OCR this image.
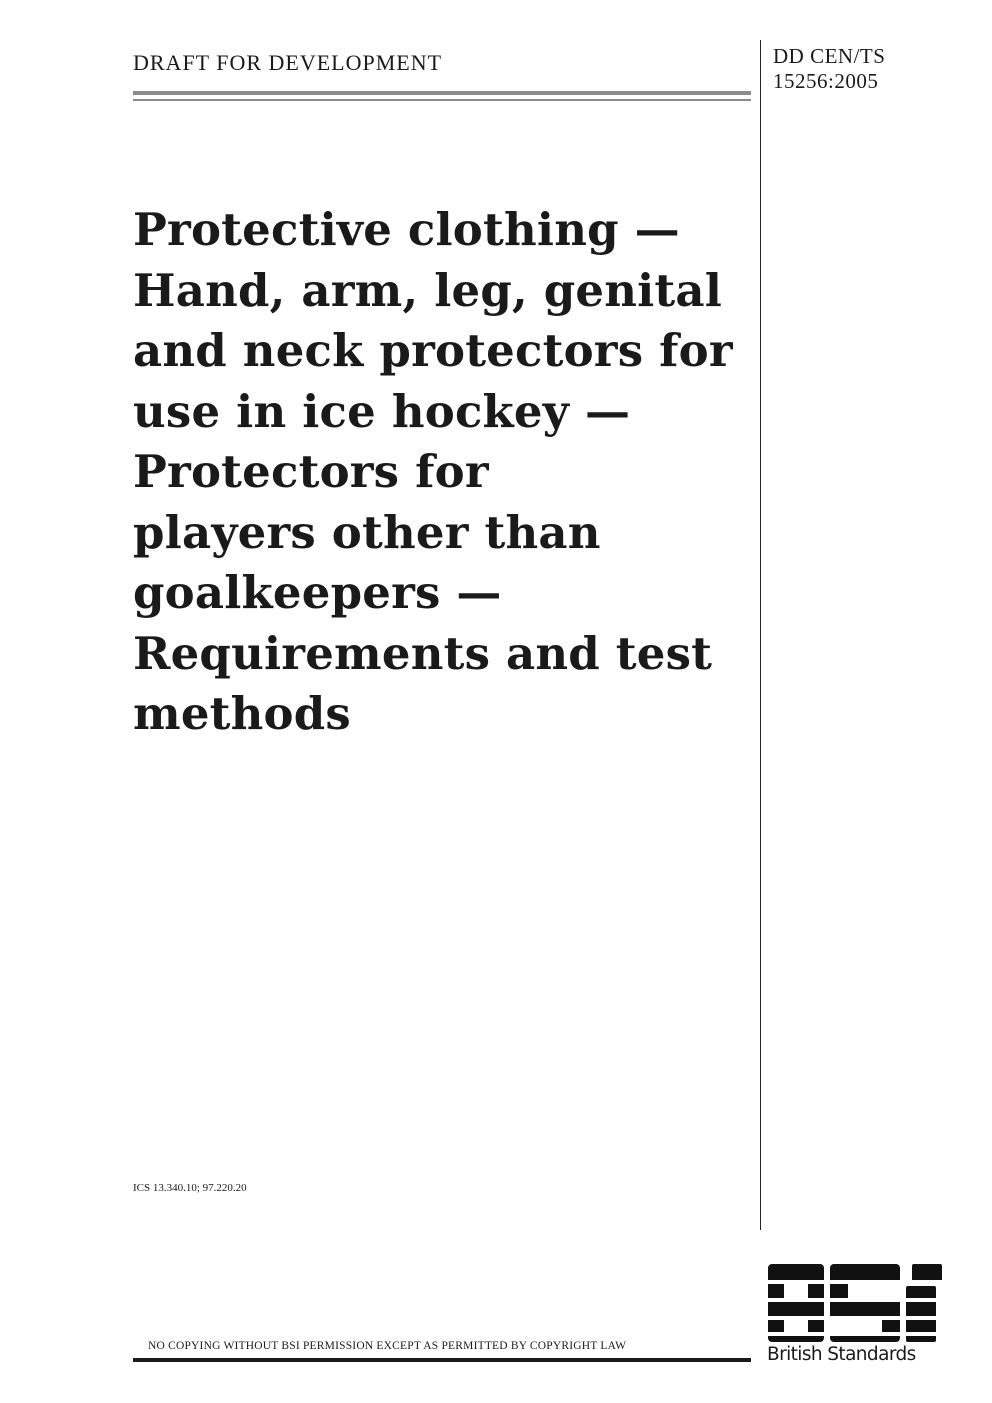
DRAFT FOR DEVELOPMENT	DD CEN/TS
15256:2005
Protective clothing —
Hand, arm, leg, genital
and neck protectors for
use in ice hockey —
Protectors for
players other than
goalkeepers —
Requirements and test
methods
ICS 13.340.10; 97.220.20
NO COPYING WITHOUT BSI PERMISSION EXCEPT AS PERMITTED BY COPYRIGHT LAW	British Standards
